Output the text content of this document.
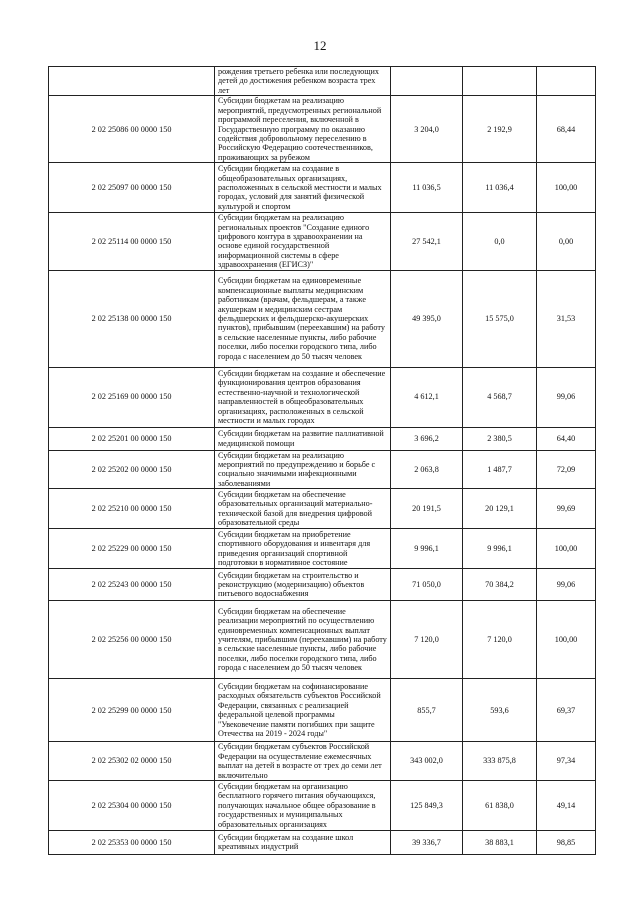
12
	рождения третьего ребенка или последующих детей до достижения ребенком возраста трех лет			
2 02 25086 00 0000 150	Субсидии бюджетам на реализацию мероприятий, предусмотренных региональной программой переселения, включенной в Государственную программу по оказанию содействия добровольному переселению в Российскую Федерацию соотечественников, проживающих за рубежом	3 204,0	2 192,9	68,44
2 02 25097 00 0000 150	Субсидии бюджетам на создание в общеобразовательных организациях, расположенных в сельской местности и малых городах, условий для занятий физической культурой и спортом	11 036,5	11 036,4	100,00
2 02 25114 00 0000 150	Субсидии бюджетам на реализацию региональных проектов "Создание единого цифрового контура в здравоохранении на основе единой государственной информационной системы в сфере здравоохранения (ЕГИСЗ)"	27 542,1	0,0	0,00
2 02 25138 00 0000 150	Субсидии бюджетам на единовременные компенсационные выплаты медицинским работникам (врачам, фельдшерам, а также акушеркам и медицинским сестрам фельдшерских и фельдшерско-акушерских пунктов), прибывшим (переехавшим) на работу в сельские населенные пункты, либо рабочие поселки, либо поселки городского типа, либо города с населением до 50 тысяч человек	49 395,0	15 575,0	31,53
2 02 25169 00 0000 150	Субсидии бюджетам на создание и обеспечение функционирования центров образования естественно-научной и технологической направленностей в общеобразовательных организациях, расположенных в сельской местности и малых городах	4 612,1	4 568,7	99,06
2 02 25201 00 0000 150	Субсидии бюджетам на развитие паллиативной медицинской помощи	3 696,2	2 380,5	64,40
2 02 25202 00 0000 150	Субсидии бюджетам на реализацию мероприятий по предупреждению и борьбе с социально значимыми инфекционными заболеваниями	2 063,8	1 487,7	72,09
2 02 25210 00 0000 150	Субсидии бюджетам на обеспечение образовательных организаций материально-технической базой для внедрения цифровой образовательной среды	20 191,5	20 129,1	99,69
2 02 25229 00 0000 150	Субсидии бюджетам на приобретение спортивного оборудования и инвентаря для приведения организаций спортивной подготовки в нормативное состояние	9 996,1	9 996,1	100,00
2 02 25243 00 0000 150	Субсидии бюджетам на строительство и реконструкцию (модернизацию) объектов питьевого водоснабжения	71 050,0	70 384,2	99,06
2 02 25256 00 0000 150	Субсидии бюджетам на обеспечение реализации мероприятий по осуществлению единовременных компенсационных выплат учителям, прибывшим (переехавшим) на работу в сельские населенные пункты, либо рабочие поселки, либо поселки городского типа, либо города с населением до 50 тысяч человек	7 120,0	7 120,0	100,00
2 02 25299 00 0000 150	Субсидии бюджетам на софинансирование расходных обязательств субъектов Российской Федерации, связанных с реализацией федеральной целевой программы "Увековечение памяти погибших при защите Отечества на 2019 - 2024 годы"	855,7	593,6	69,37
2 02 25302 02 0000 150	Субсидии бюджетам субъектов Российской Федерации на осуществление ежемесячных выплат на детей в возрасте от трех до семи лет включительно	343 002,0	333 875,8	97,34
2 02 25304 00 0000 150	Субсидии бюджетам на организацию бесплатного горячего питания обучающихся, получающих начальное общее образование в государственных и муниципальных образовательных организациях	125 849,3	61 838,0	49,14
2 02 25353 00 0000 150	Субсидии бюджетам на создание школ креативных индустрий	39 336,7	38 883,1	98,85
